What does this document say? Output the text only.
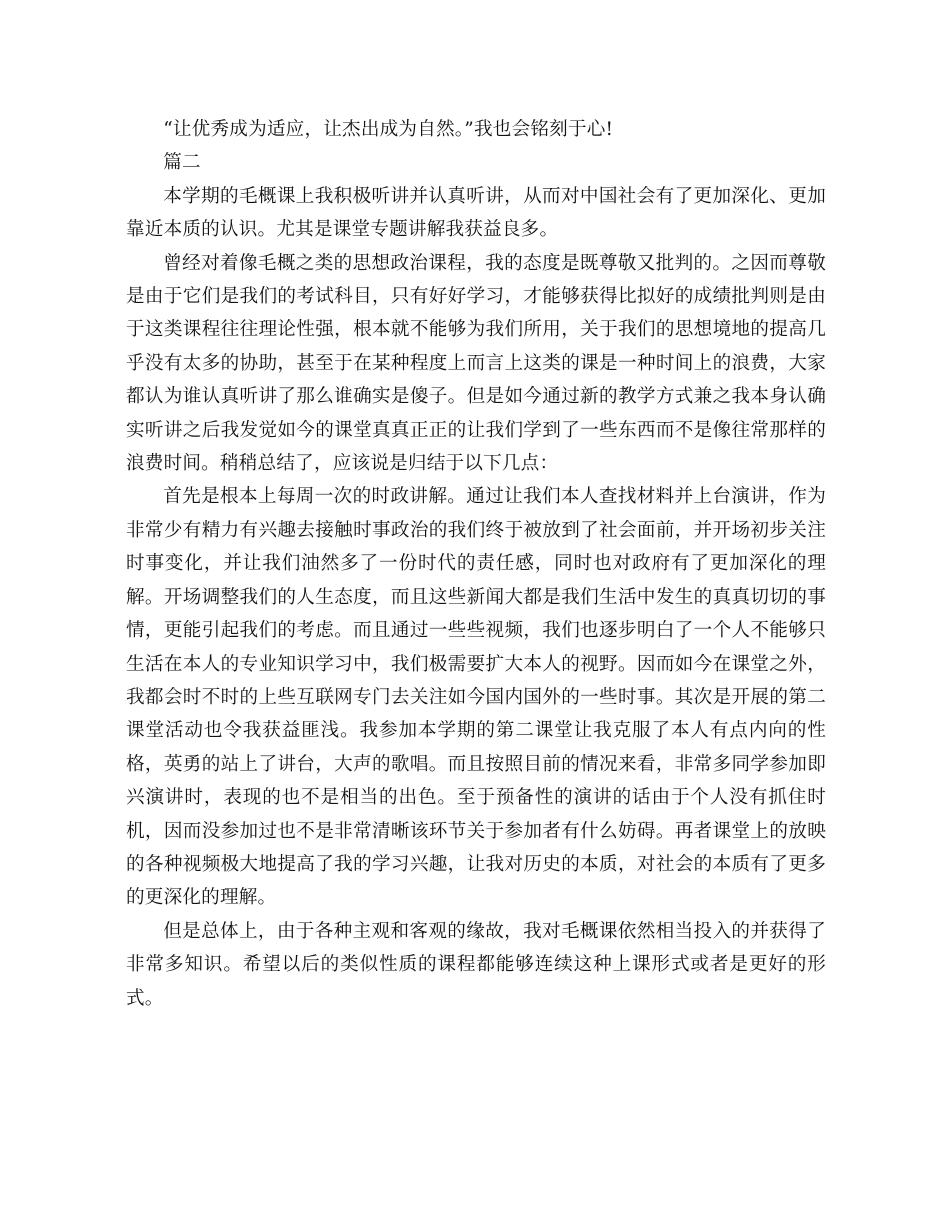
“让优秀成为适应，让杰出成为自然。”我也会铭刻于心!

篇二

本学期的毛概课上我积极听讲并认真听讲，从而对中国社会有了更加深化、更加靠近本质的认识。尤其是课堂专题讲解我获益良多。

曾经对着像毛概之类的思想政治课程，我的态度是既尊敬又批判的。之因而尊敬是由于它们是我们的考试科目，只有好好学习，才能够获得比拟好的成绩批判则是由于这类课程往往理论性强，根本就不能够为我们所用，关于我们的思想境地的提高几乎没有太多的协助，甚至于在某种程度上而言上这类的课是一种时间上的浪费，大家都认为谁认真听讲了那么谁确实是傻子。但是如今通过新的教学方式兼之我本身认确实听讲之后我发觉如今的课堂真真正正的让我们学到了一些东西而不是像往常那样的浪费时间。稍稍总结了，应该说是归结于以下几点：

首先是根本上每周一次的时政讲解。通过让我们本人查找材料并上台演讲，作为非常少有精力有兴趣去接触时事政治的我们终于被放到了社会面前，并开场初步关注时事变化，并让我们油然多了一份时代的责任感，同时也对政府有了更加深化的理解。开场调整我们的人生态度，而且这些新闻大都是我们生活中发生的真真切切的事情，更能引起我们的考虑。而且通过一些些视频，我们也逐步明白了一个人不能够只生活在本人的专业知识学习中，我们极需要扩大本人的视野。因而如今在课堂之外，我都会时不时的上些互联网专门去关注如今国内国外的一些时事。其次是开展的第二课堂活动也令我获益匪浅。我参加本学期的第二课堂让我克服了本人有点内向的性格，英勇的站上了讲台，大声的歌唱。而且按照目前的情况来看，非常多同学参加即兴演讲时，表现的也不是相当的出色。至于预备性的演讲的话由于个人没有抓住时机，因而没参加过也不是非常清晰该环节关于参加者有什么妨碍。再者课堂上的放映的各种视频极大地提高了我的学习兴趣，让我对历史的本质，对社会的本质有了更多的更深化的理解。

但是总体上，由于各种主观和客观的缘故，我对毛概课依然相当投入的并获得了非常多知识。希望以后的类似性质的课程都能够连续这种上课形式或者是更好的形式。
